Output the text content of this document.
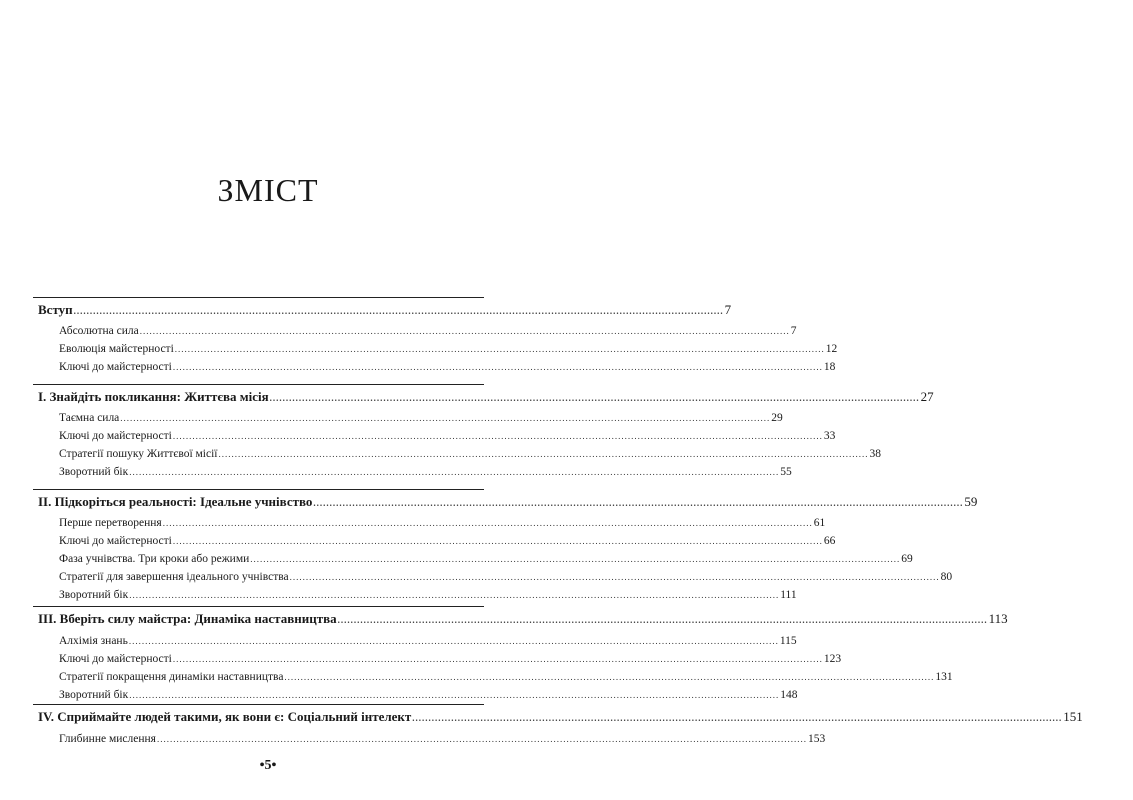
ЗМІСТ
Вступ ........................................................................................................................................................................................................ 7
Абсолютна сила ........................................................................................................................................................................................................ 7
Еволюція майстерності ........................................................................................................................................................................................................ 12
Ключі до майстерності ........................................................................................................................................................................................................ 18
І. Знайдіть покликання: Життєва місія ........................................................................................................................................................................................................ 27
Таємна сила ........................................................................................................................................................................................................ 29
Ключі до майстерності ........................................................................................................................................................................................................ 33
Стратегії пошуку Життєвої місії ........................................................................................................................................................................................................ 38
Зворотний бік ........................................................................................................................................................................................................ 55
ІІ. Підкоріться реальності: Ідеальне учнівство ........................................................................................................................................................................................................ 59
Перше перетворення ........................................................................................................................................................................................................ 61
Ключі до майстерності ........................................................................................................................................................................................................ 66
Фаза учнівства. Три кроки або режими ........................................................................................................................................................................................................ 69
Стратегії для завершення ідеального учнівства ........................................................................................................................................................................................................ 80
Зворотний бік ........................................................................................................................................................................................................ 111
ІІІ. Вберіть силу майстра: Динаміка наставництва ........................................................................................................................................................................................................ 113
Алхімія знань ........................................................................................................................................................................................................ 115
Ключі до майстерності ........................................................................................................................................................................................................ 123
Стратегії покращення динаміки наставництва ........................................................................................................................................................................................................ 131
Зворотний бік ........................................................................................................................................................................................................ 148
ІV. Сприймайте людей такими, як вони є: Соціальний інтелект ........................................................................................................................................................................................................ 151
Глибинне мислення ........................................................................................................................................................................................................ 153
•5•
